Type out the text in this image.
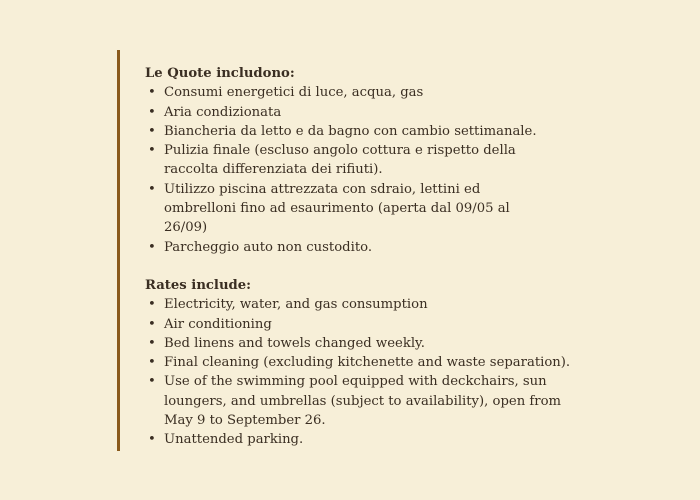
Le Quote includono:
• Consumi energetici di luce, acqua, gas
• Aria condizionata
• Biancheria da letto e da bagno con cambio settimanale.
• Pulizia finale (escluso angolo cottura e rispetto della raccolta differenziata dei rifiuti).
• Utilizzo piscina attrezzata con sdraio, lettini ed ombrelloni fino ad esaurimento (aperta dal 09/05 al 26/09)
• Parcheggio auto non custodito.
Rates include:
• Electricity, water, and gas consumption
• Air conditioning
• Bed linens and towels changed weekly.
• Final cleaning (excluding kitchenette and waste separation).
• Use of the swimming pool equipped with deckchairs, sun loungers, and umbrellas (subject to availability), open from May 9 to September 26.
• Unattended parking.
